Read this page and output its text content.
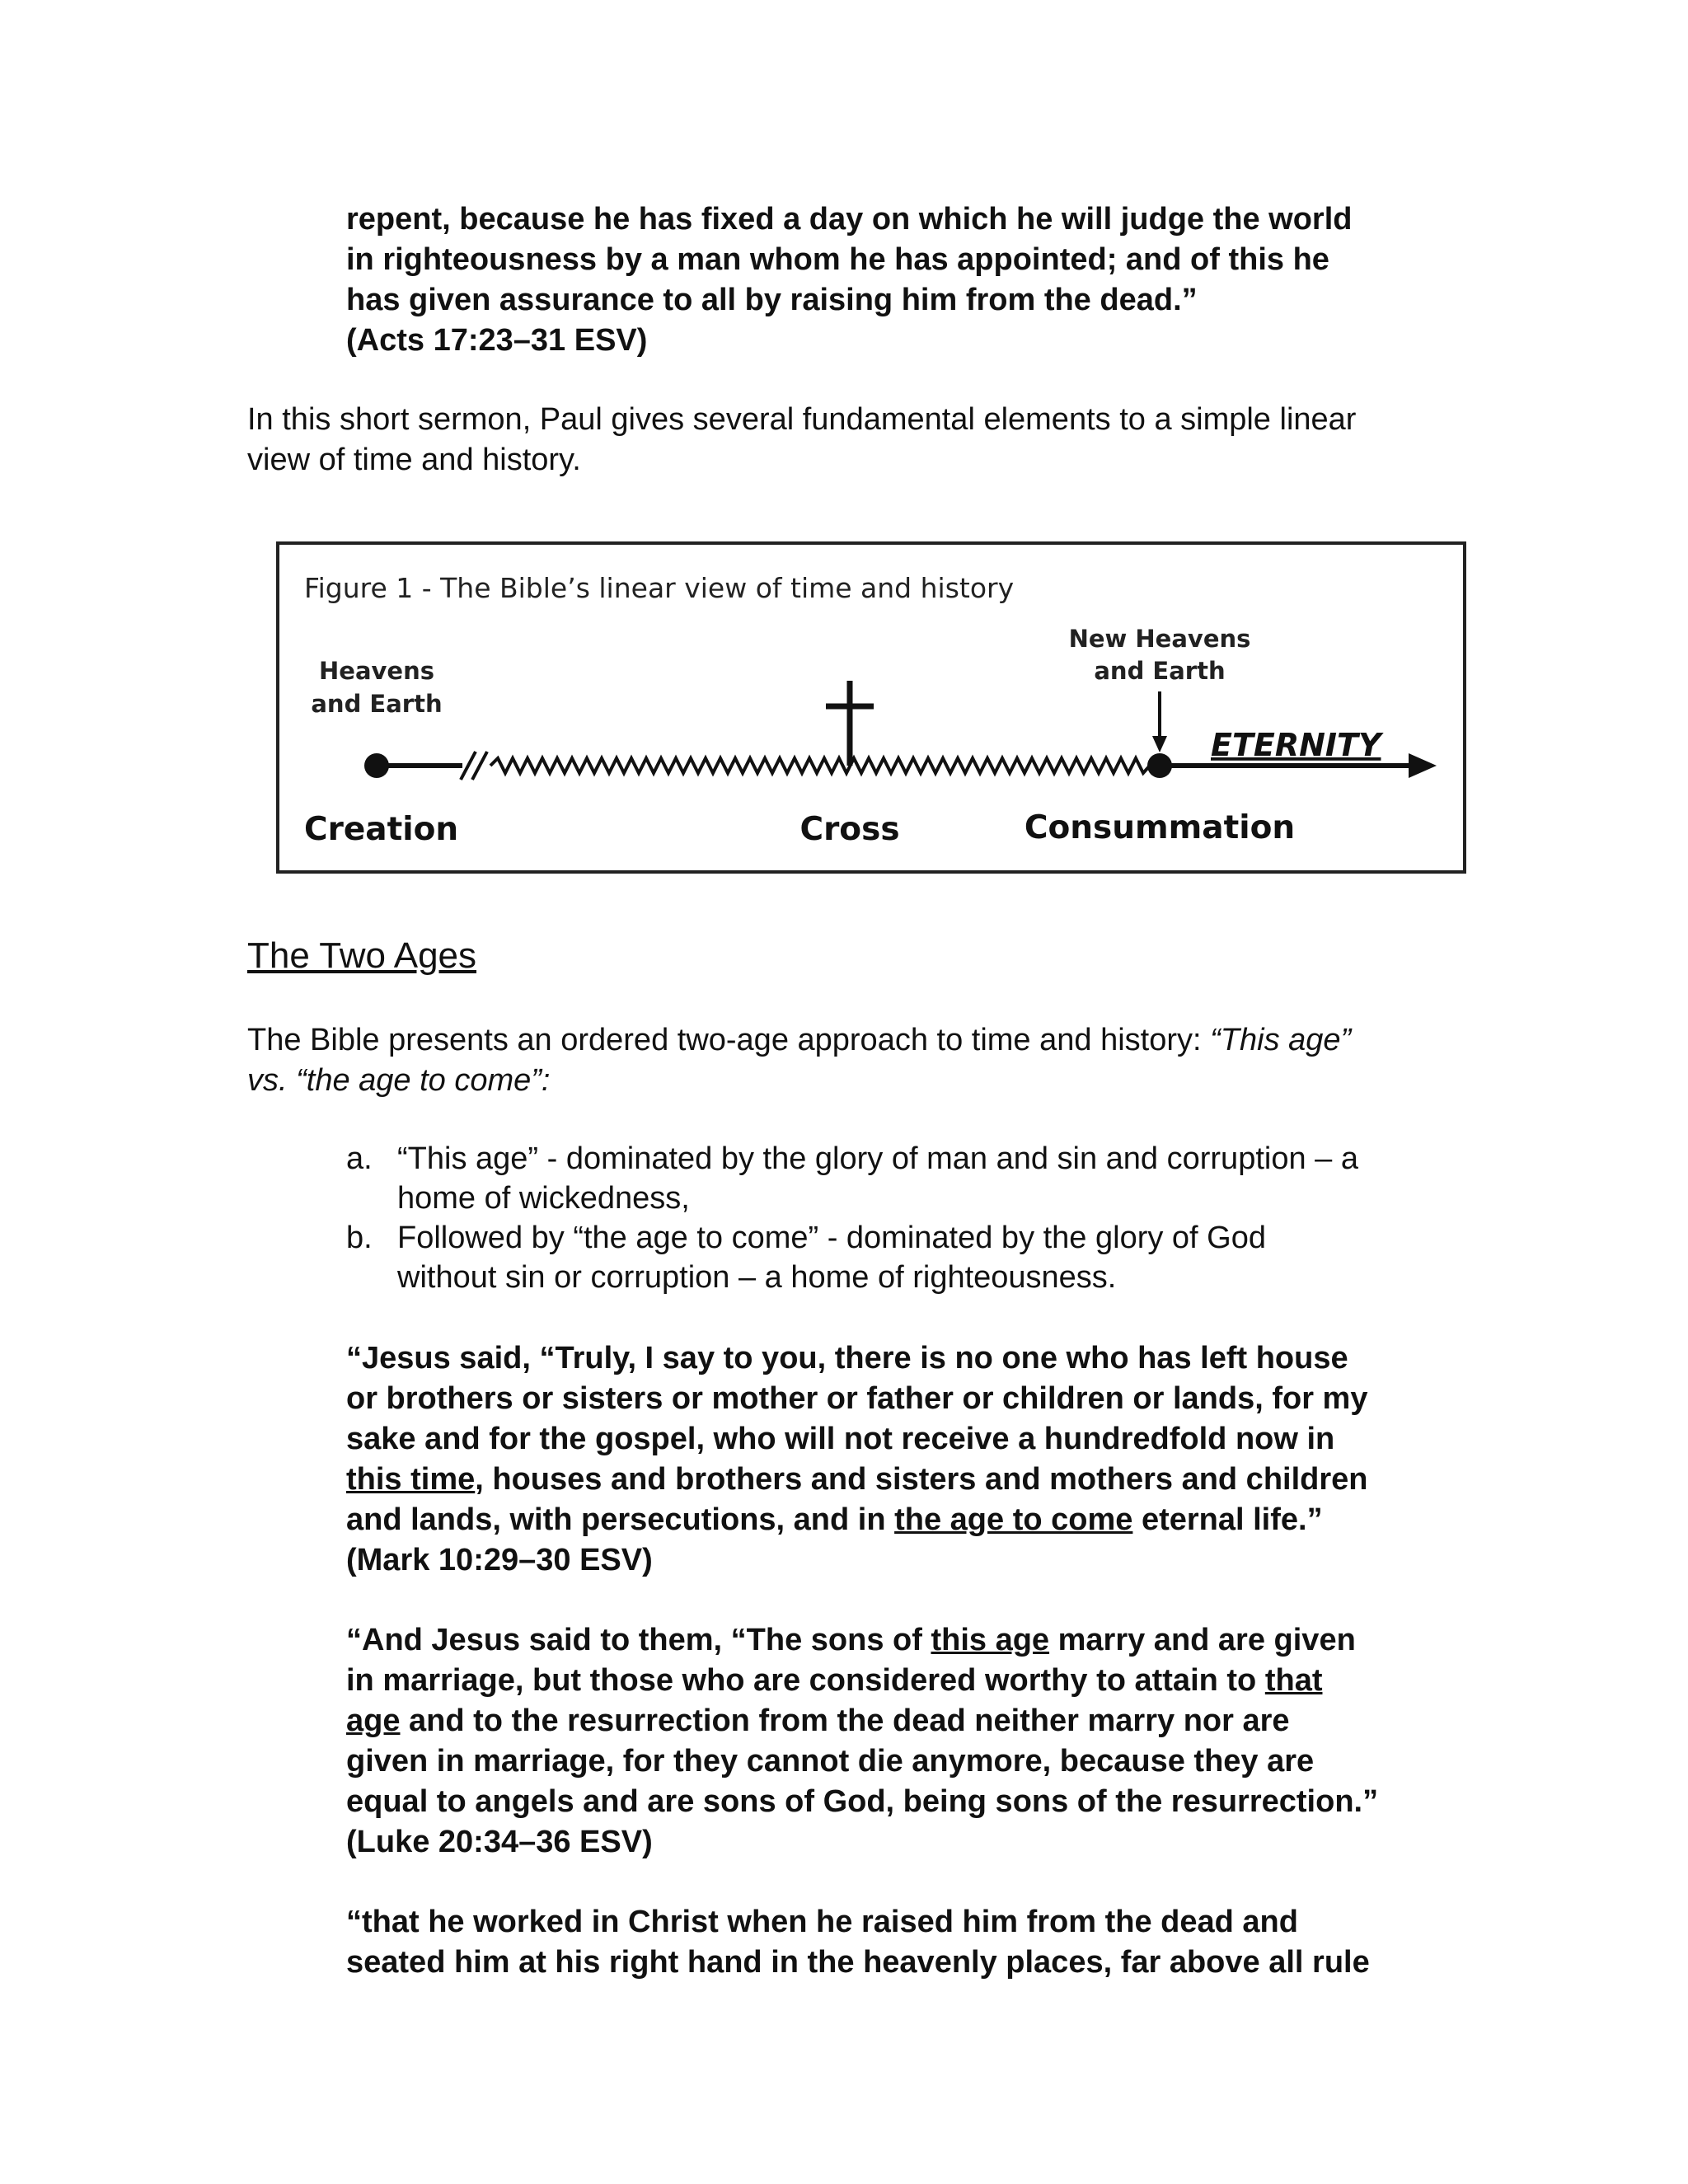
repent, because he has fixed a day on which he will judge the world

in righteousness by a man whom he has appointed; and of this he

has given assurance to all by raising him from the dead.”

(Acts 17:23–31 ESV)

In this short sermon, Paul gives several fundamental elements to a simple linear

view of time and history.

Figure 1 - The Bible’s linear view of time and history
Heavens
and Earth
New Heavens
and Earth
ETERNITY
Creation	Cross	Consummation
The Two Ages

The Bible presents an ordered two-age approach to time and history: “This age”

vs. “the age to come”:

a. “This age” - dominated by the glory of man and sin and corruption – a
home of wickedness,
b. Followed by “the age to come” - dominated by the glory of God
without sin or corruption – a home of righteousness.

“Jesus said, “Truly, I say to you, there is no one who has left house

or brothers or sisters or mother or father or children or lands, for my

sake and for the gospel, who will not receive a hundredfold now in

this time, houses and brothers and sisters and mothers and children

and lands, with persecutions, and in the age to come eternal life.”

(Mark 10:29–30 ESV)

“And Jesus said to them, “The sons of this age marry and are given

in marriage, but those who are considered worthy to attain to that

age and to the resurrection from the dead neither marry nor are

given in marriage, for they cannot die anymore, because they are

equal to angels and are sons of God, being sons of the resurrection.”

(Luke 20:34–36 ESV)

“that he worked in Christ when he raised him from the dead and

seated him at his right hand in the heavenly places, far above all rule
